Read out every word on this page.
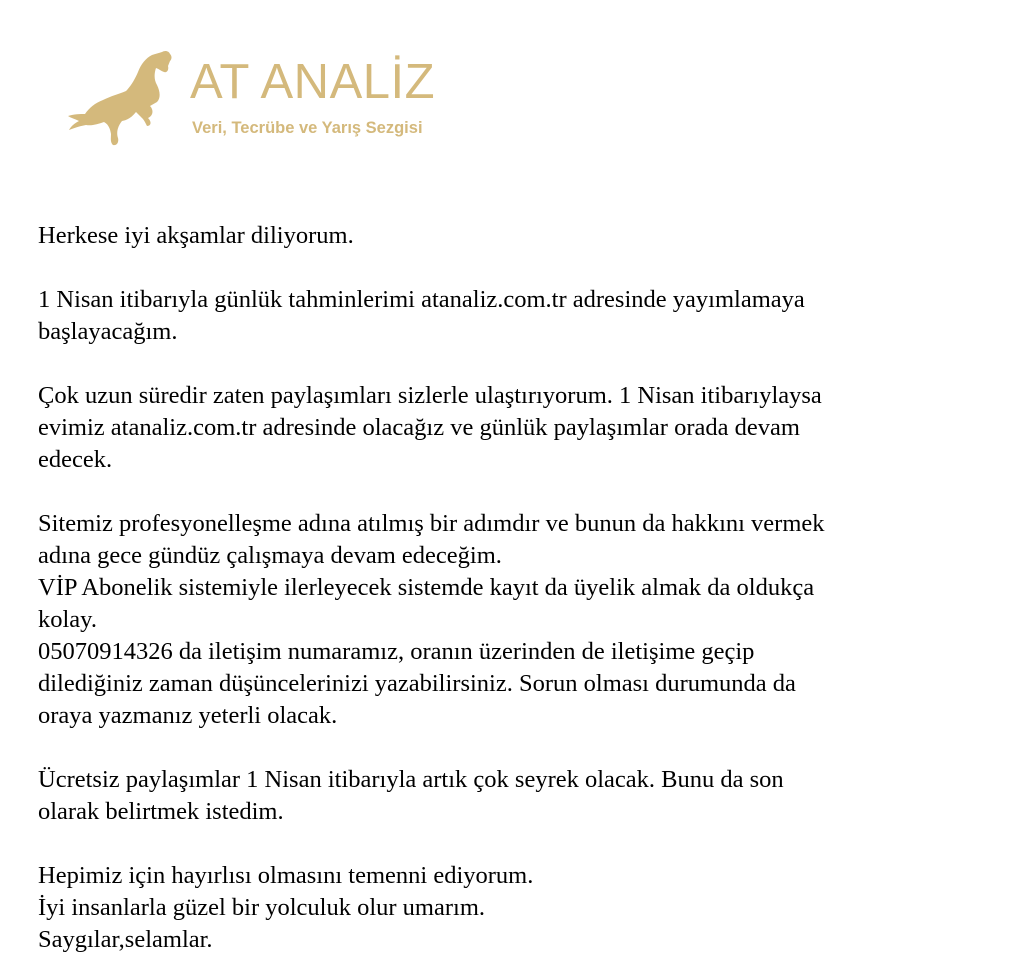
AT ANALİZ
Veri, Tecrübe ve Yarış Sezgisi

Herkese iyi akşamlar diliyorum.

1 Nisan itibarıyla günlük tahminlerimi atanaliz.com.tr adresinde yayımlamaya
başlayacağım.

Çok uzun süredir zaten paylaşımları sizlerle ulaştırıyorum. 1 Nisan itibarıylaysa
evimiz atanaliz.com.tr adresinde olacağız ve günlük paylaşımlar orada devam
edecek.

Sitemiz profesyonelleşme adına atılmış bir adımdır ve bunun da hakkını vermek
adına gece gündüz çalışmaya devam edeceğim.
VİP Abonelik sistemiyle ilerleyecek sistemde kayıt da üyelik almak da oldukça
kolay.
05070914326 da iletişim numaramız, oranın üzerinden de iletişime geçip
dilediğiniz zaman düşüncelerinizi yazabilirsiniz. Sorun olması durumunda da
oraya yazmanız yeterli olacak.

Ücretsiz paylaşımlar 1 Nisan itibarıyla artık çok seyrek olacak. Bunu da son
olarak belirtmek istedim.

Hepimiz için hayırlısı olmasını temenni ediyorum.
İyi insanlarla güzel bir yolculuk olur umarım.
Saygılar,selamlar.
